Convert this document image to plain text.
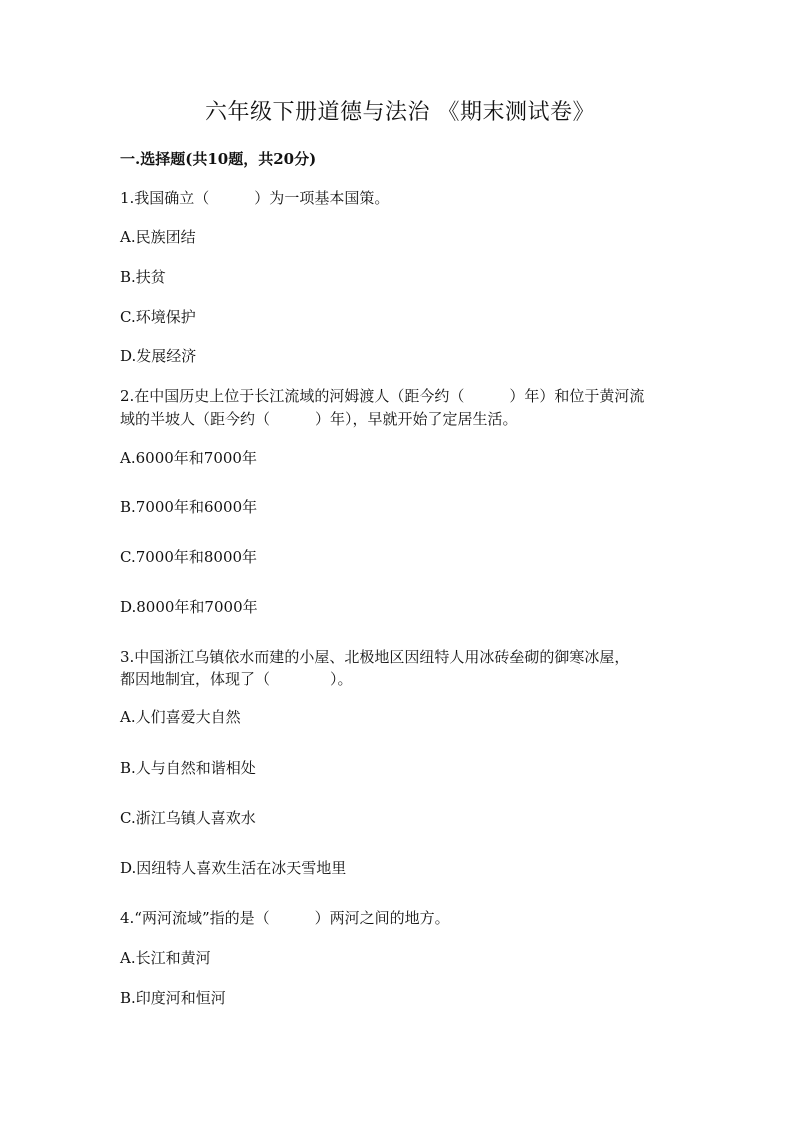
六年级下册道德与法治 《期末测试卷》
一.选择题(共10题，共20分)
1.我国确立（　　　）为一项基本国策。
A.民族团结
B.扶贫
C.环境保护
D.发展经济
2.在中国历史上位于长江流域的河姆渡人（距今约（　　　）年）和位于黄河流
域的半坡人（距今约（　　　）年），早就开始了定居生活。
A.6000年和7000年
B.7000年和6000年
C.7000年和8000年
D.8000年和7000年
3.中国浙江乌镇依水而建的小屋、北极地区因纽特人用冰砖垒砌的御寒冰屋，
都因地制宜，体现了（　　　　）。
A.人们喜爱大自然
B.人与自然和谐相处
C.浙江乌镇人喜欢水
D.因纽特人喜欢生活在冰天雪地里
4.“两河流域”指的是（　　　）两河之间的地方。
A.长江和黄河
B.印度河和恒河
